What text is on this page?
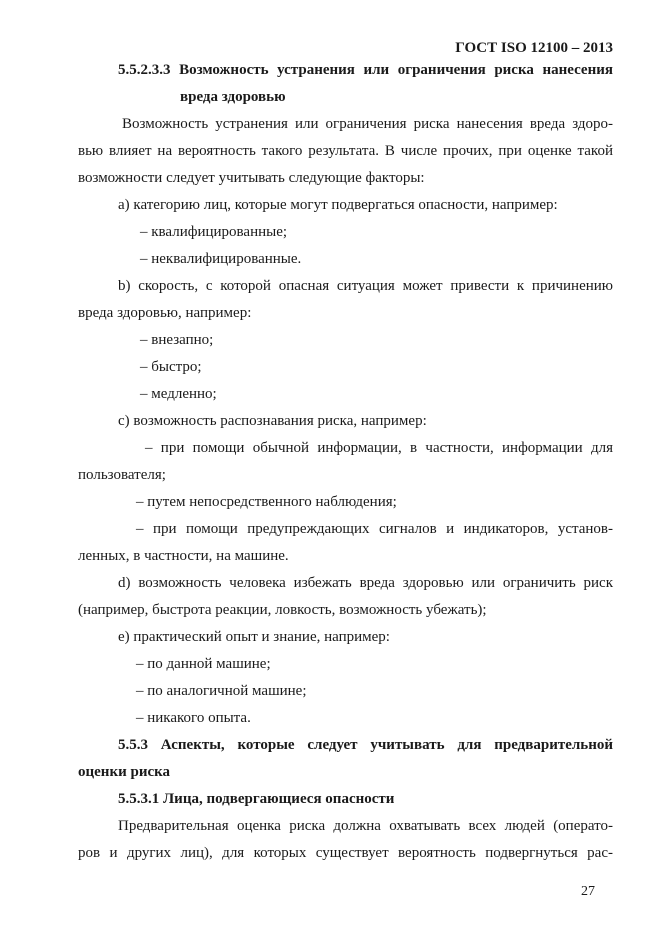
ГОСТ ISO 12100 – 2013
5.5.2.3.3 Возможность устранения или ограничения риска нанесения
вреда здоровью
Возможность устранения или ограничения риска нанесения вреда здоро-
вью влияет на вероятность такого результата. В числе прочих, при оценке такой
возможности следует учитывать следующие факторы:
a) категорию лиц, которые могут подвергаться опасности, например:
– квалифицированные;
– неквалифицированные.
b) скорость, с которой опасная ситуация может привести к причинению
вреда здоровью, например:
– внезапно;
– быстро;
– медленно;
c) возможность распознавания риска, например:
– при помощи обычной информации, в частности, информации для
пользователя;
– путем непосредственного наблюдения;
– при помощи предупреждающих сигналов и индикаторов, установ-
ленных, в частности, на машине.
d) возможность человека избежать вреда здоровью или ограничить риск
(например, быстрота реакции, ловкость, возможность убежать);
e) практический опыт и знание, например:
– по данной машине;
– по аналогичной машине;
– никакого опыта.
5.5.3 Аспекты, которые следует учитывать для предварительной
оценки риска
5.5.3.1 Лица, подвергающиеся опасности
Предварительная оценка риска должна охватывать всех людей (операто-
ров и других лиц), для которых существует вероятность подвергнуться рас-
27
